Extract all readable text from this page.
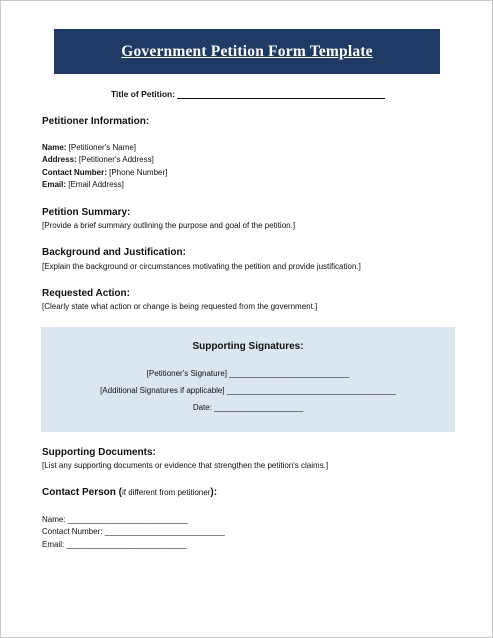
Government Petition Form Template
Title of Petition:
Petitioner Information:
Name: [Petitioner's Name]
Address: [Petitioner's Address]
Contact Number: [Phone Number]
Email: [Email Address]
Petition Summary:
[Provide a brief summary outlining the purpose and goal of the petition.]
Background and Justification:
[Explain the background or circumstances motivating the petition and provide justification.]
Requested Action:
[Clearly state what action or change is being requested from the government.]
Supporting Signatures:
[Petitioner's Signature] ___________________________
[Additional Signatures if applicable] ______________________________________
Date: ____________________
Supporting Documents:
[List any supporting documents or evidence that strengthen the petition's claims.]
Contact Person (if different from petitioner):
Name: ___________________________
Contact Number: ___________________________
Email: ___________________________
